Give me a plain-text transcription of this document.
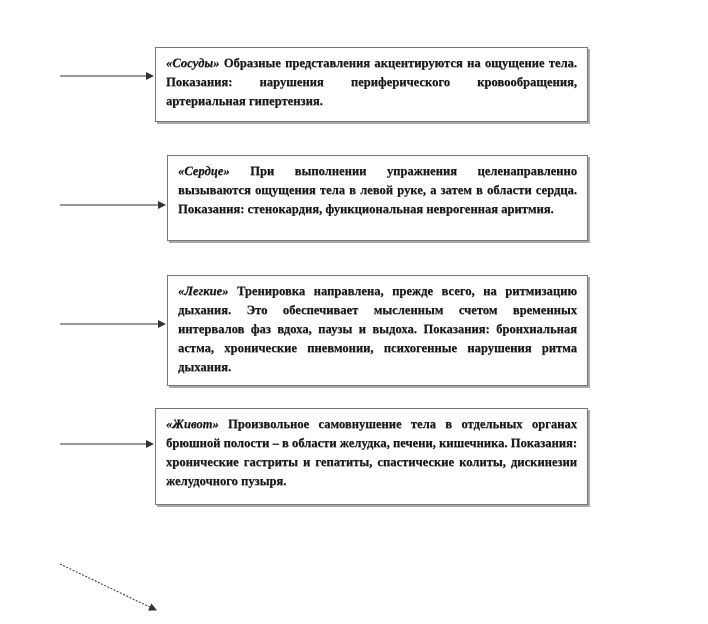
«Сосуды» Образные представления акцентируются на ощущение тела. Показания: нарушения периферического кровообращения, артериальная гипертензия.
«Сердце» При выполнении упражнения целенаправленно вызываются ощущения тела в левой руке, а затем в области сердца. Показания: стенокардия, функциональная неврогенная аритмия.
«Легкие» Тренировка направлена, прежде всего, на ритмизацию дыхания. Это обеспечивает мысленным счетом временных интервалов фаз вдоха, паузы и выдоха. Показания: бронхиальная астма, хронические пневмонии, психогенные нарушения ритма дыхания.
«Живот» Произвольное самовнушение тела в отдельных органах брюшной полости – в области желудка, печени, кишечника. Показания: хронические гастриты и гепатиты, спастические колиты, дискинезии желудочного пузыря.
